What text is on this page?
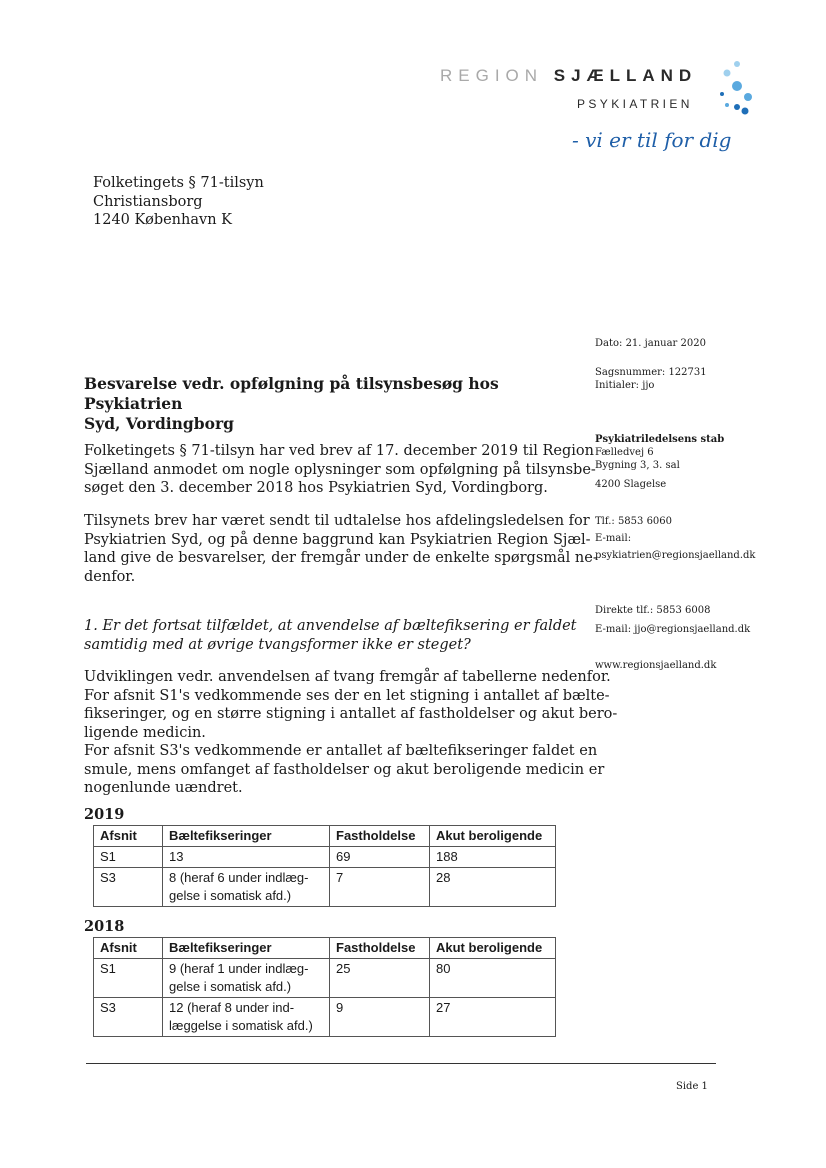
REGION SJÆLLAND
PSYKIATRIEN
- vi er til for dig
Folketingets § 71-tilsyn
Christiansborg
1240 København K
Dato: 21. januar 2020
Sagsnummer: 122731
Initialer: jjo
Psykiatriledelsens stab
Fælledvej 6
Bygning 3, 3. sal
4200 Slagelse
Tlf.: 5853 6060
E-mail:
psykiatrien@regionsjaelland.dk
Direkte tlf.: 5853 6008
E-mail: jjo@regionsjaelland.dk
www.regionsjaelland.dk
Besvarelse vedr. opfølgning på tilsynsbesøg hos Psykiatrien
Syd, Vordingborg
Folketingets § 71-tilsyn har ved brev af 17. december 2019 til Region
Sjælland anmodet om nogle oplysninger som opfølgning på tilsynsbe-
søget den 3. december 2018 hos Psykiatrien Syd, Vordingborg.
Tilsynets brev har været sendt til udtalelse hos afdelingsledelsen for
Psykiatrien Syd, og på denne baggrund kan Psykiatrien Region Sjæl-
land give de besvarelser, der fremgår under de enkelte spørgsmål ne-
denfor.
1. Er det fortsat tilfældet, at anvendelse af bæltefiksering er faldet
samtidig med at øvrige tvangsformer ikke er steget?
Udviklingen vedr. anvendelsen af tvang fremgår af tabellerne nedenfor.
For afsnit S1's vedkommende ses der en let stigning i antallet af bælte-
fikseringer, og en større stigning i antallet af fastholdelser og akut bero-
ligende medicin.
For afsnit S3's vedkommende er antallet af bæltefikseringer faldet en
smule, mens omfanget af fastholdelser og akut beroligende medicin er
nogenlunde uændret.
2019
Afsnit	Bæltefikseringer	Fastholdelse	Akut beroligende
S1	13	69	188
S3	8 (heraf 6 under indlæg-
gelse i somatisk afd.)	7	28
2018
Afsnit	Bæltefikseringer	Fastholdelse	Akut beroligende
S1	9 (heraf 1 under indlæg-
gelse i somatisk afd.)	25	80
S3	12 (heraf 8 under ind-
læggelse i somatisk afd.)	9	27
Side 1
